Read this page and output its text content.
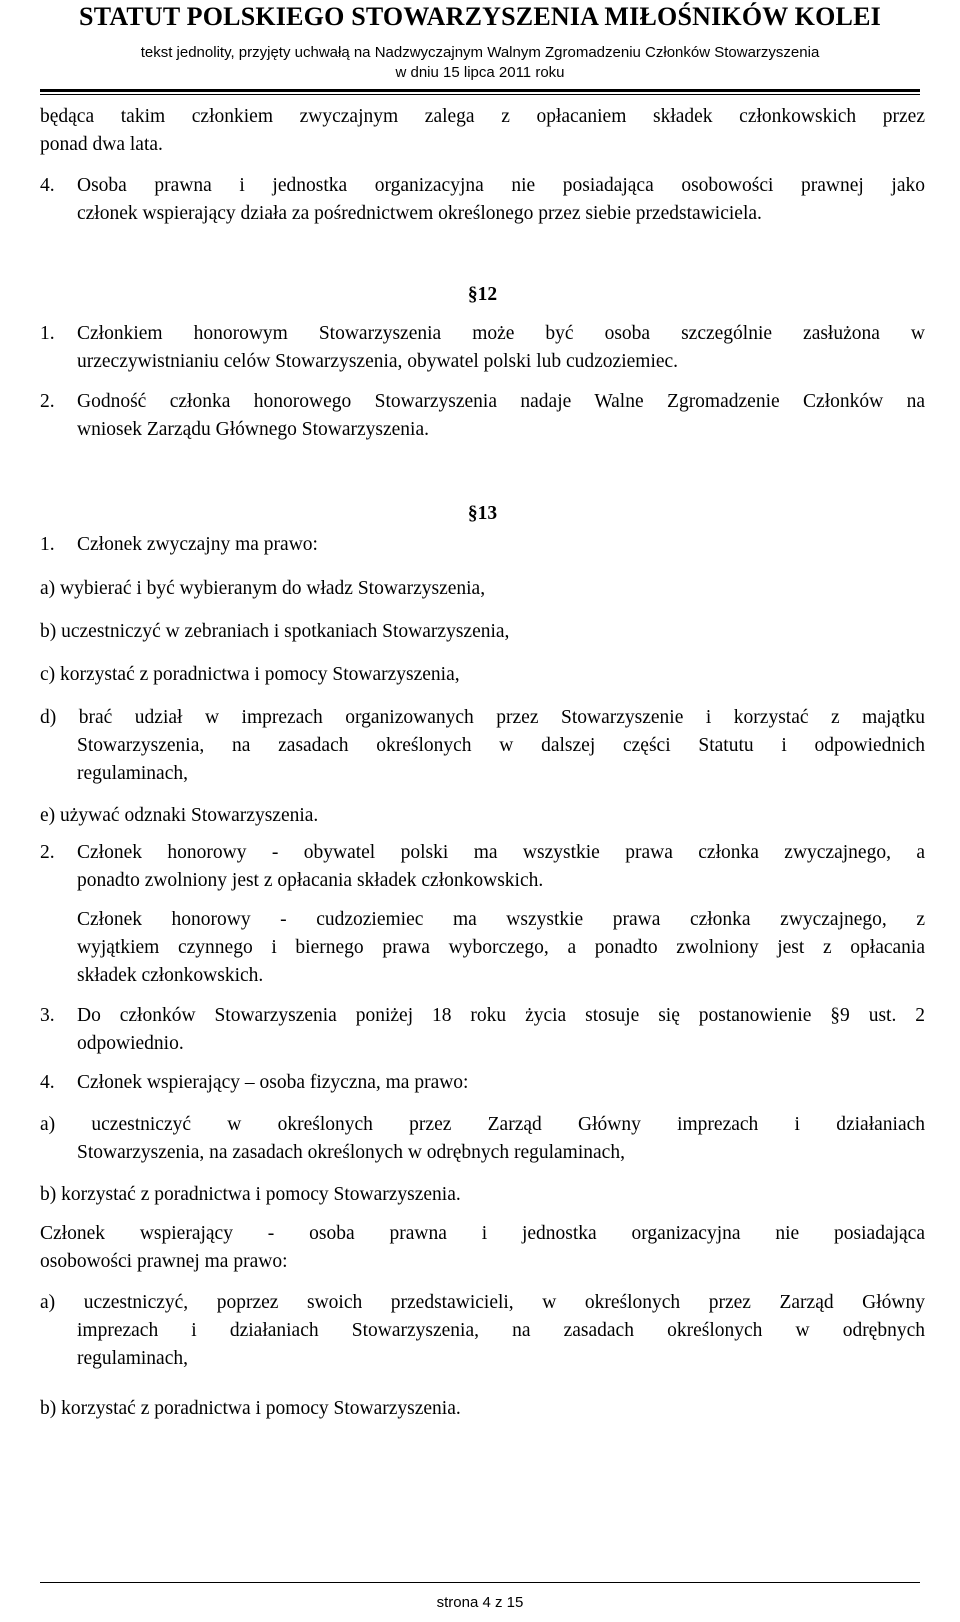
STATUT POLSKIEGO STOWARZYSZENIA MIŁOŚNIKÓW KOLEI
tekst jednolity, przyjęty uchwałą na Nadzwyczajnym Walnym Zgromadzeniu Członków Stowarzyszenia
w dniu 15 lipca 2011 roku
będąca takim członkiem zwyczajnym zalega z opłacaniem składek członkowskich przez
ponad dwa lata.
4. Osoba prawna i jednostka organizacyjna nie posiadająca osobowości prawnej jako
członek wspierający działa za pośrednictwem określonego przez siebie przedstawiciela.
§12
1. Członkiem honorowym Stowarzyszenia może być osoba szczególnie zasłużona w
urzeczywistnianiu celów Stowarzyszenia, obywatel polski lub cudzoziemiec.
2. Godność członka honorowego Stowarzyszenia nadaje Walne Zgromadzenie Członków na
wniosek Zarządu Głównego Stowarzyszenia.
§13
1. Członek zwyczajny ma prawo:
a) wybierać i być wybieranym do władz Stowarzyszenia,
b) uczestniczyć w zebraniach i spotkaniach Stowarzyszenia,
c) korzystać z poradnictwa i pomocy Stowarzyszenia,
d) brać udział w imprezach organizowanych przez Stowarzyszenie i korzystać z majątku
Stowarzyszenia, na zasadach określonych w dalszej części Statutu i odpowiednich
regulaminach,
e) używać odznaki Stowarzyszenia.
2. Członek honorowy - obywatel polski ma wszystkie prawa członka zwyczajnego, a
ponadto zwolniony jest z opłacania składek członkowskich.
Członek honorowy - cudzoziemiec ma wszystkie prawa członka zwyczajnego, z
wyjątkiem czynnego i biernego prawa wyborczego, a ponadto zwolniony jest z opłacania
składek członkowskich.
3. Do członków Stowarzyszenia poniżej 18 roku życia stosuje się postanowienie §9 ust. 2
odpowiednio.
4. Członek wspierający – osoba fizyczna, ma prawo:
a) uczestniczyć w określonych przez Zarząd Główny imprezach i działaniach
Stowarzyszenia, na zasadach określonych w odrębnych regulaminach,
b) korzystać z poradnictwa i pomocy Stowarzyszenia.
Członek wspierający - osoba prawna i jednostka organizacyjna nie posiadająca
osobowości prawnej ma prawo:
a) uczestniczyć, poprzez swoich przedstawicieli, w określonych przez Zarząd Główny
imprezach i działaniach Stowarzyszenia, na zasadach określonych w odrębnych
regulaminach,
b) korzystać z poradnictwa i pomocy Stowarzyszenia.
strona 4 z 15
